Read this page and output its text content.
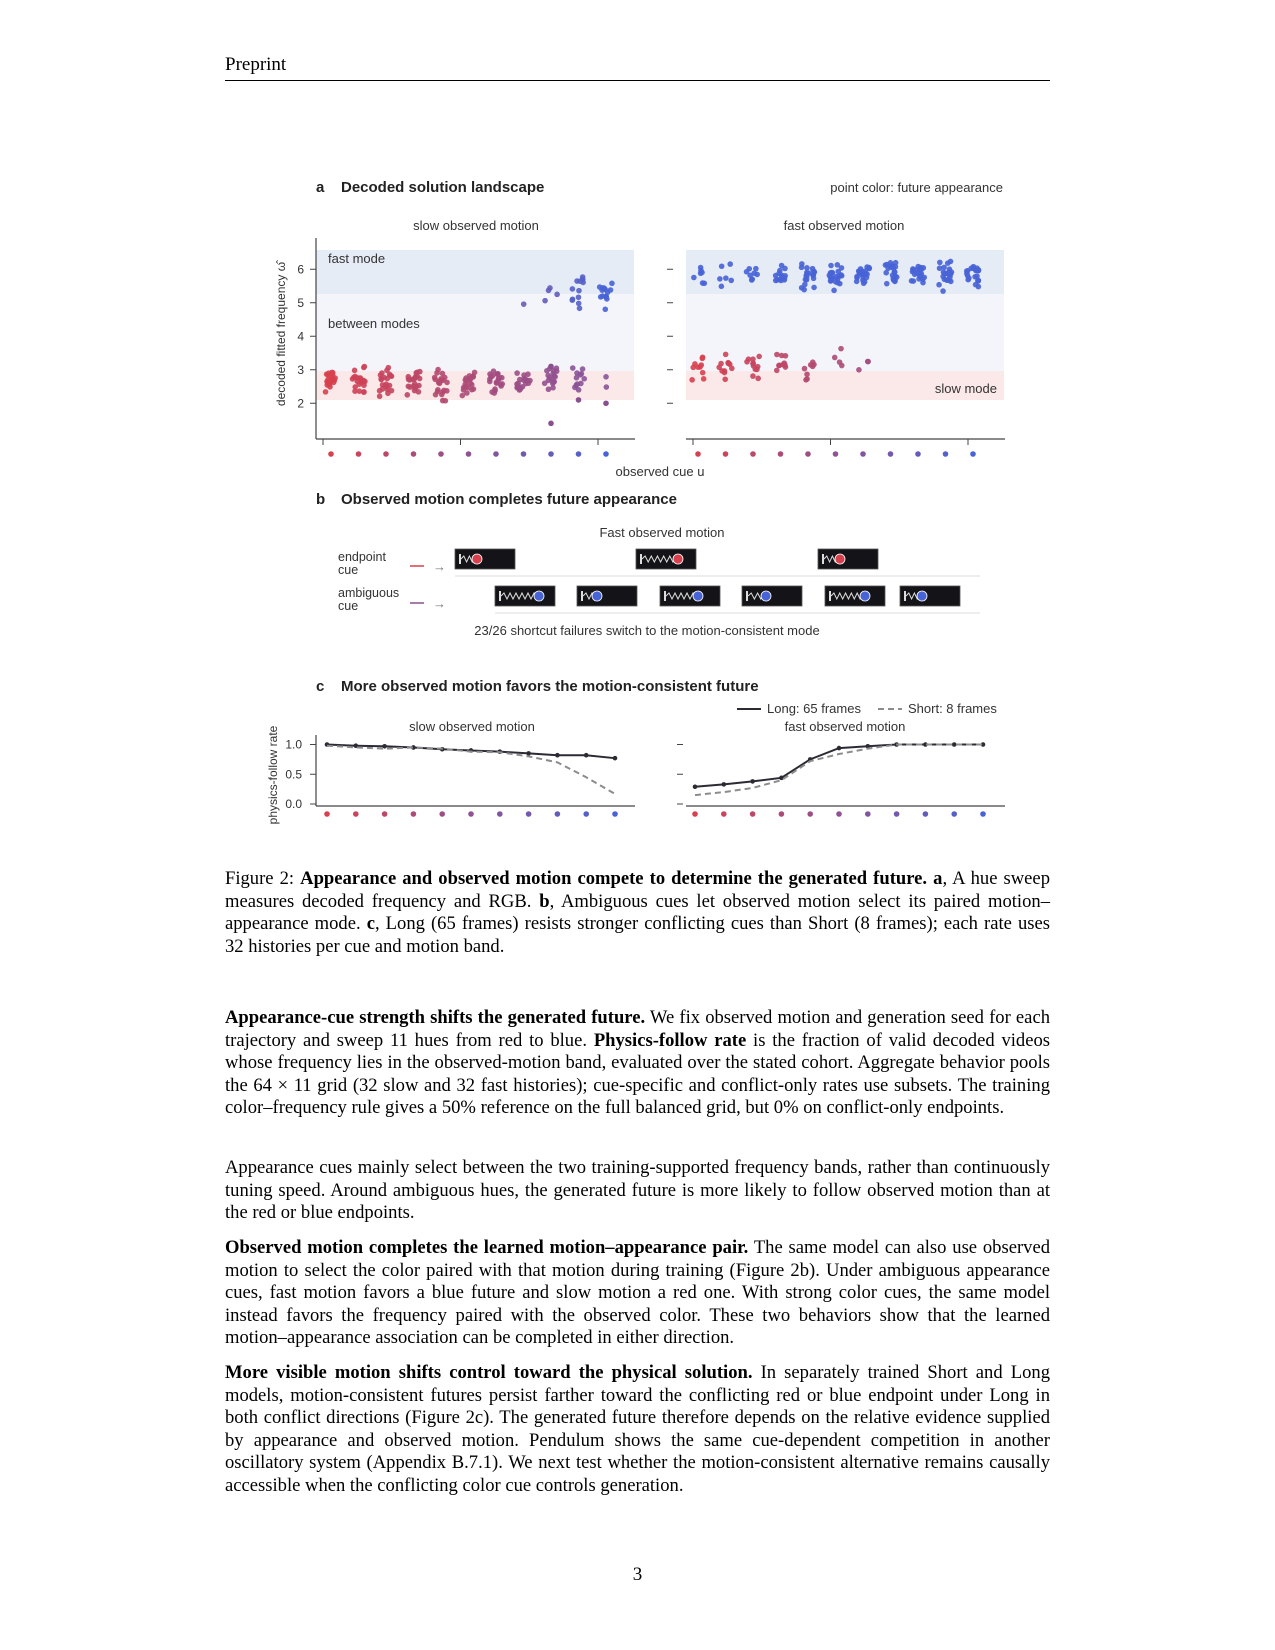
Preprint
a Decoded solution landscape	point color: future appearance
slow observed motion	fast observed motion
fast mode
between modes
slow mode
2
3
4
5
6
decoded fitted frequency ω̂
observed cue u
b Observed motion completes future appearance
Fast observed motion
endpoint
cue	→
ambiguous
cue	→
23/26 shortcut failures switch to the motion-consistent mode
c More observed motion favors the motion-consistent future
Long: 65 frames	Short: 8 frames
slow observed motion	fast observed motion
physics-follow rate 0.0
0.5
1.0
Figure 2: Appearance and observed motion compete to determine the generated future. a, A hue sweep measures decoded frequency and RGB. b, Ambiguous cues let observed motion select its paired motion–appearance mode. c, Long (65 frames) resists stronger conflicting cues than Short (8 frames); each rate uses 32 histories per cue and motion band.

Appearance-cue strength shifts the generated future. We fix observed motion and generation seed for each trajectory and sweep 11 hues from red to blue. Physics-follow rate is the fraction of valid decoded videos whose frequency lies in the observed-motion band, evaluated over the stated cohort. Aggregate behavior pools the 64 × 11 grid (32 slow and 32 fast histories); cue-specific and conflict-only rates use subsets. The training color–frequency rule gives a 50% reference on the full balanced grid, but 0% on conflict-only endpoints.

Appearance cues mainly select between the two training-supported frequency bands, rather than continuously tuning speed. Around ambiguous hues, the generated future is more likely to follow observed motion than at the red or blue endpoints.

Observed motion completes the learned motion–appearance pair. The same model can also use observed motion to select the color paired with that motion during training (Figure 2b). Under ambiguous appearance cues, fast motion favors a blue future and slow motion a red one. With strong color cues, the same model instead favors the frequency paired with the observed color. These two behaviors show that the learned motion–appearance association can be completed in either direction.

More visible motion shifts control toward the physical solution. In separately trained Short and Long models, motion-consistent futures persist farther toward the conflicting red or blue endpoint under Long in both conflict directions (Figure 2c). The generated future therefore depends on the relative evidence supplied by appearance and observed motion. Pendulum shows the same cue-dependent competition in another oscillatory system (Appendix B.7.1). We next test whether the motion-consistent alternative remains causally accessible when the conflicting color cue controls generation.

3
